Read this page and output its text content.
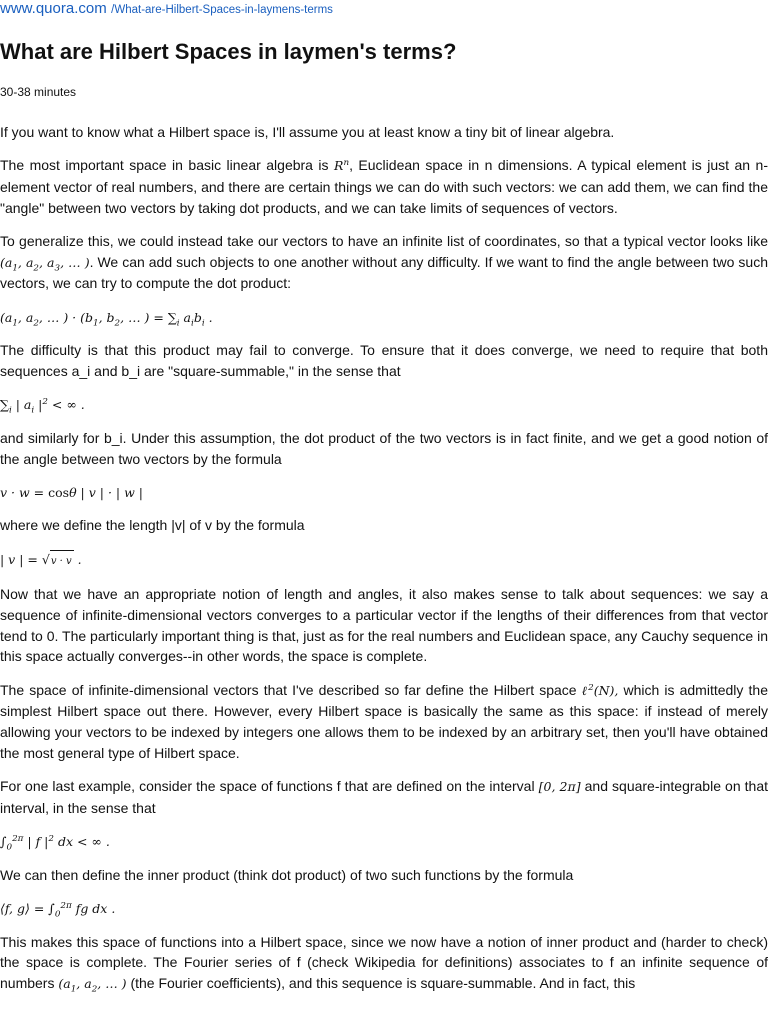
www.quora.com /What-are-Hilbert-Spaces-in-laymens-terms
What are Hilbert Spaces in laymen's terms?
30-38 minutes

If you want to know what a Hilbert space is, I'll assume you at least know a tiny bit of linear algebra.

The most important space in basic linear algebra is $R^n$, Euclidean space in n dimensions. A typical element is just an n-element vector of real numbers, and there are certain things we can do with such vectors: we can add them, we can find the "angle" between two vectors by taking dot products, and we can take limits of sequences of vectors.

To generalize this, we could instead take our vectors to have an infinite list of coordinates, so that a typical vector looks like ($a_1$, $a_2$, $a_3$, … ). We can add such objects to one another without any difficulty. If we want to find the angle between two such vectors, we can try to compute the dot product:

($a_1$, $a_2$, … ) · ($b_1$, $b_2$, … ) = $\sum_i$ $a_ib_i$ .

The difficulty is that this product may fail to converge. To ensure that it does converge, we need to require that both sequences a_i and b_i are "square-summable," in the sense that

$\sum_i$ | $a_i$ $|^2$ < ∞ .

and similarly for b_i. Under this assumption, the dot product of the two vectors is in fact finite, and we get a good notion of the angle between two vectors by the formula

v · w = cosθ | v | · | w |

where we define the length |v| of v by the formula

| v | = √v · v .

Now that we have an appropriate notion of length and angles, it also makes sense to talk about sequences: we say a sequence of infinite-dimensional vectors converges to a particular vector if the lengths of their differences from that vector tend to 0. The particularly important thing is that, just as for the real numbers and Euclidean space, any Cauchy sequence in this space actually converges--in other words, the space is complete.

The space of infinite-dimensional vectors that I've described so far define the Hilbert space ℓ$^2$(N), which is admittedly the simplest Hilbert space out there. However, every Hilbert space is basically the same as this space: if instead of merely allowing your vectors to be indexed by integers one allows them to be indexed by an arbitrary set, then you'll have obtained the most general type of Hilbert space.

For one last example, consider the space of functions f that are defined on the interval [0, 2π] and square-integrable on that interval, in the sense that

$\int_0^{2\pi}$ | f $|^2$ dx < ∞ .

We can then define the inner product (think dot product) of two such functions by the formula

⟨f, g⟩ = $\int_0^{2\pi}$ fg dx .

This makes this space of functions into a Hilbert space, since we now have a notion of inner product and (harder to check) the space is complete. The Fourier series of f (check Wikipedia for definitions) associates to f an infinite sequence of numbers ($a_1$, $a_2$, … ) (the Fourier coefficients), and this sequence is square-summable. And in fact, this
